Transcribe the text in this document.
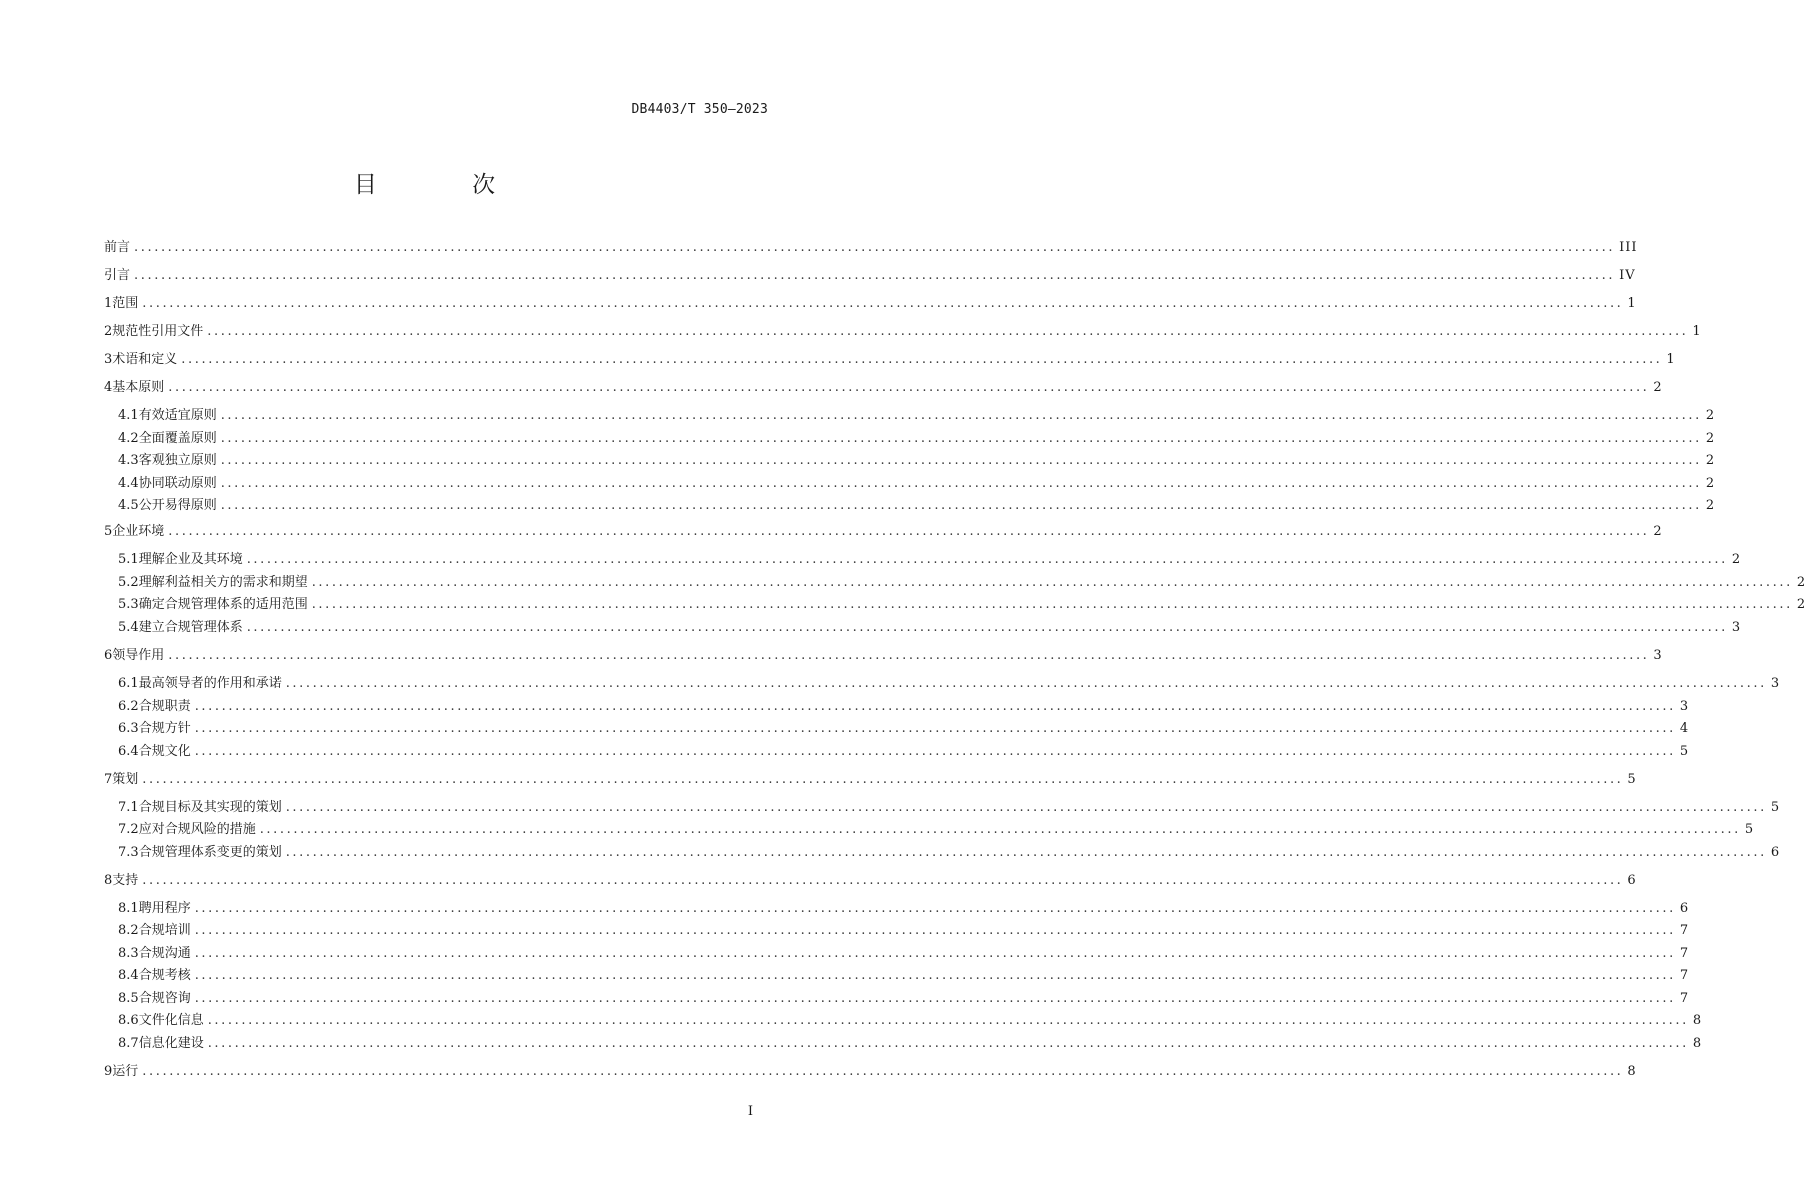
DB4403/T 350—2023
目 次
前言 ............................................................................................................................................................................................................................ III
引言 ............................................................................................................................................................................................................................ IV
1 范围 ............................................................................................................................................................................................................................ 1
2 规范性引用文件 ............................................................................................................................................................................................................................ 1
3 术语和定义 ............................................................................................................................................................................................................................ 1
4 基本原则 ............................................................................................................................................................................................................................ 2
4.1 有效适宜原则 ............................................................................................................................................................................................................................ 2
4.2 全面覆盖原则 ............................................................................................................................................................................................................................ 2
4.3 客观独立原则 ............................................................................................................................................................................................................................ 2
4.4 协同联动原则 ............................................................................................................................................................................................................................ 2
4.5 公开易得原则 ............................................................................................................................................................................................................................ 2
5 企业环境 ............................................................................................................................................................................................................................ 2
5.1 理解企业及其环境 ............................................................................................................................................................................................................................ 2
5.2 理解利益相关方的需求和期望 ............................................................................................................................................................................................................................ 2
5.3 确定合规管理体系的适用范围 ............................................................................................................................................................................................................................ 2
5.4 建立合规管理体系 ............................................................................................................................................................................................................................ 3
6 领导作用 ............................................................................................................................................................................................................................ 3
6.1 最高领导者的作用和承诺 ............................................................................................................................................................................................................................ 3
6.2 合规职责 ............................................................................................................................................................................................................................ 3
6.3 合规方针 ............................................................................................................................................................................................................................ 4
6.4 合规文化 ............................................................................................................................................................................................................................ 5
7 策划 ............................................................................................................................................................................................................................ 5
7.1 合规目标及其实现的策划 ............................................................................................................................................................................................................................ 5
7.2 应对合规风险的措施 ............................................................................................................................................................................................................................ 5
7.3 合规管理体系变更的策划 ............................................................................................................................................................................................................................ 6
8 支持 ............................................................................................................................................................................................................................ 6
8.1 聘用程序 ............................................................................................................................................................................................................................ 6
8.2 合规培训 ............................................................................................................................................................................................................................ 7
8.3 合规沟通 ............................................................................................................................................................................................................................ 7
8.4 合规考核 ............................................................................................................................................................................................................................ 7
8.5 合规咨询 ............................................................................................................................................................................................................................ 7
8.6 文件化信息 ............................................................................................................................................................................................................................ 8
8.7 信息化建设 ............................................................................................................................................................................................................................ 8
9 运行 ............................................................................................................................................................................................................................ 8
I
